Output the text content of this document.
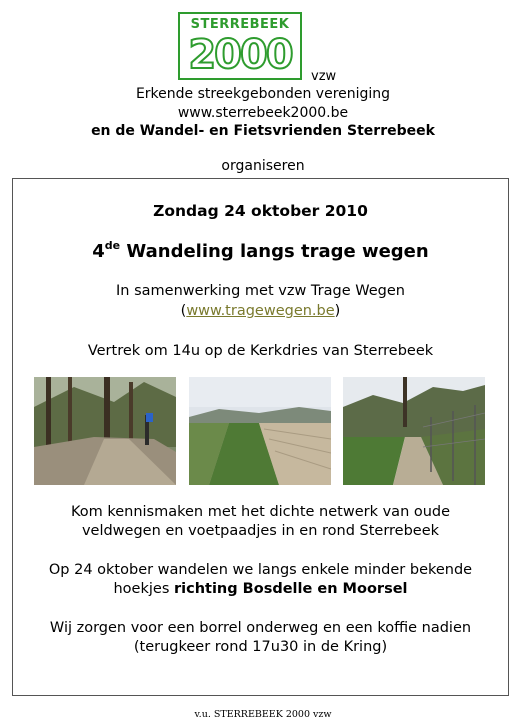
STERREBEEK
2000	vzw
Erkende streekgebonden vereniging
www.sterrebeek2000.be
en de Wandel- en Fietsvrienden Sterrebeek
organiseren
Zondag 24 oktober 2010
4de Wandeling langs trage wegen
In samenwerking met vzw Trage Wegen
(www.tragewegen.be)
Vertrek om 14u op de Kerkdries van Sterrebeek
Kom kennismaken met het dichte netwerk van oude
veldwegen en voetpaadjes in en rond Sterrebeek
Op 24 oktober wandelen we langs enkele minder bekende
hoekjes richting Bosdelle en Moorsel
Wij zorgen voor een borrel onderweg en een koffie nadien
(terugkeer rond 17u30 in de Kring)
v.u. STERREBEEK 2000 vzw
